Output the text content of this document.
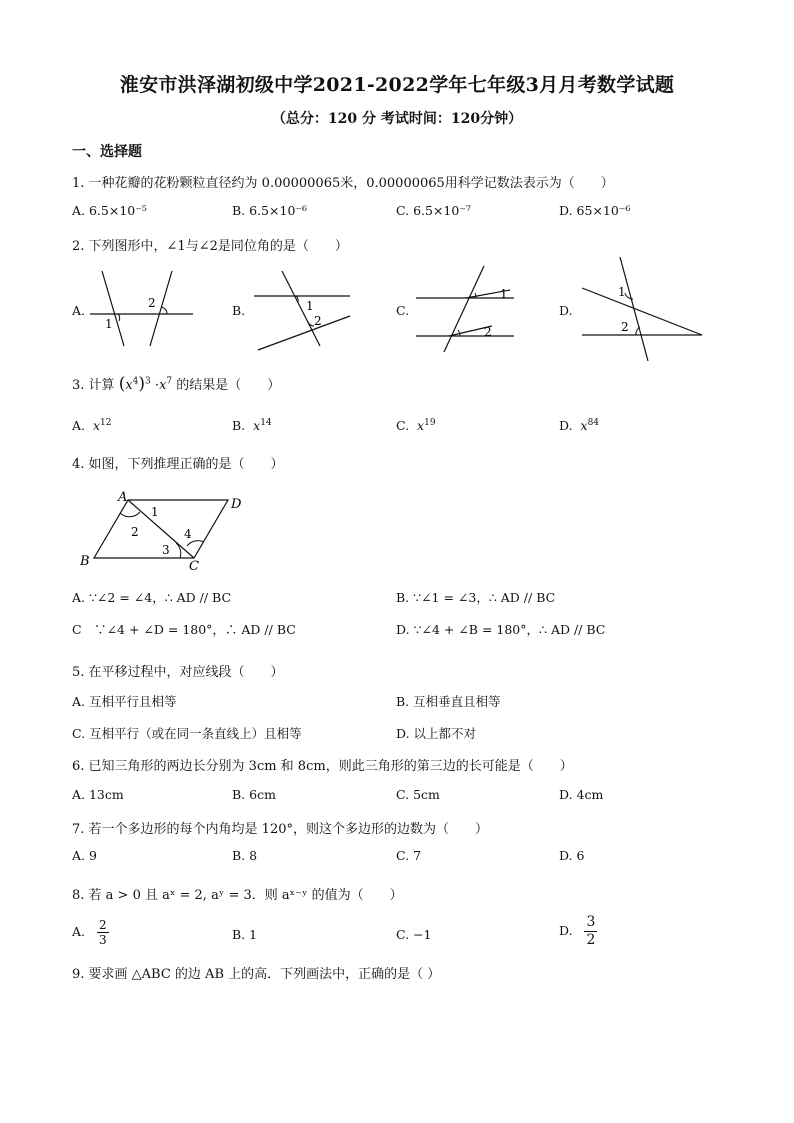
淮安市洪泽湖初级中学2021-2022学年七年级3月月考数学试题
（总分：120 分 考试时间：120分钟）
一、选择题
1. 一种花瓣的花粉颗粒直径约为 0.00000065米，0.00000065用科学记数法表示为（　　）
A. 6.5×10⁻⁵	B. 6.5×10⁻⁶	C. 6.5×10⁻⁷	D. 65×10⁻⁶
2. 下列图形中，∠1与∠2是同位角的是（　　）
A.	B.	C.	D.
1
2	1
2
1
2
1
2
3. 计算 $(x^4)^3 \cdot x^7$ 的结果是（　　）
A. $x^{12}$	B. $x^{14}$	C. $x^{19}$	D. $x^{84}$
4. 如图，下列推理正确的是（　　）
A	D
B	C
1
2
3
4
A. ∵∠2 = ∠4，∴ AD // BC	B. ∵∠1 = ∠3，∴ AD // BC
C　∵∠4 + ∠D = 180°，∴ AD // BC	D. ∵∠4 + ∠B = 180°，∴ AD // BC
5. 在平移过程中，对应线段（　　）
A. 互相平行且相等	B. 互相垂直且相等
C. 互相平行（或在同一条直线上）且相等	D. 以上都不对
6. 已知三角形的两边长分别为 3cm 和 8cm，则此三角形的第三边的长可能是（　　）
A. 13cm	B. 6cm	C. 5cm	D. 4cm
7. 若一个多边形的每个内角均是 120°，则这个多边形的边数为（　　）
A. 9	B. 8	C. 7	D. 6
8. 若 a > 0 且 aˣ = 2, aʸ = 3．则 aˣ⁻ʸ 的值为（　　）
A. $\frac{2}{3}$	B. 1	C. −1	D. $\frac{3}{2}$
9. 要求画 △ABC 的边 AB 上的高．下列画法中，正确的是（ ）
